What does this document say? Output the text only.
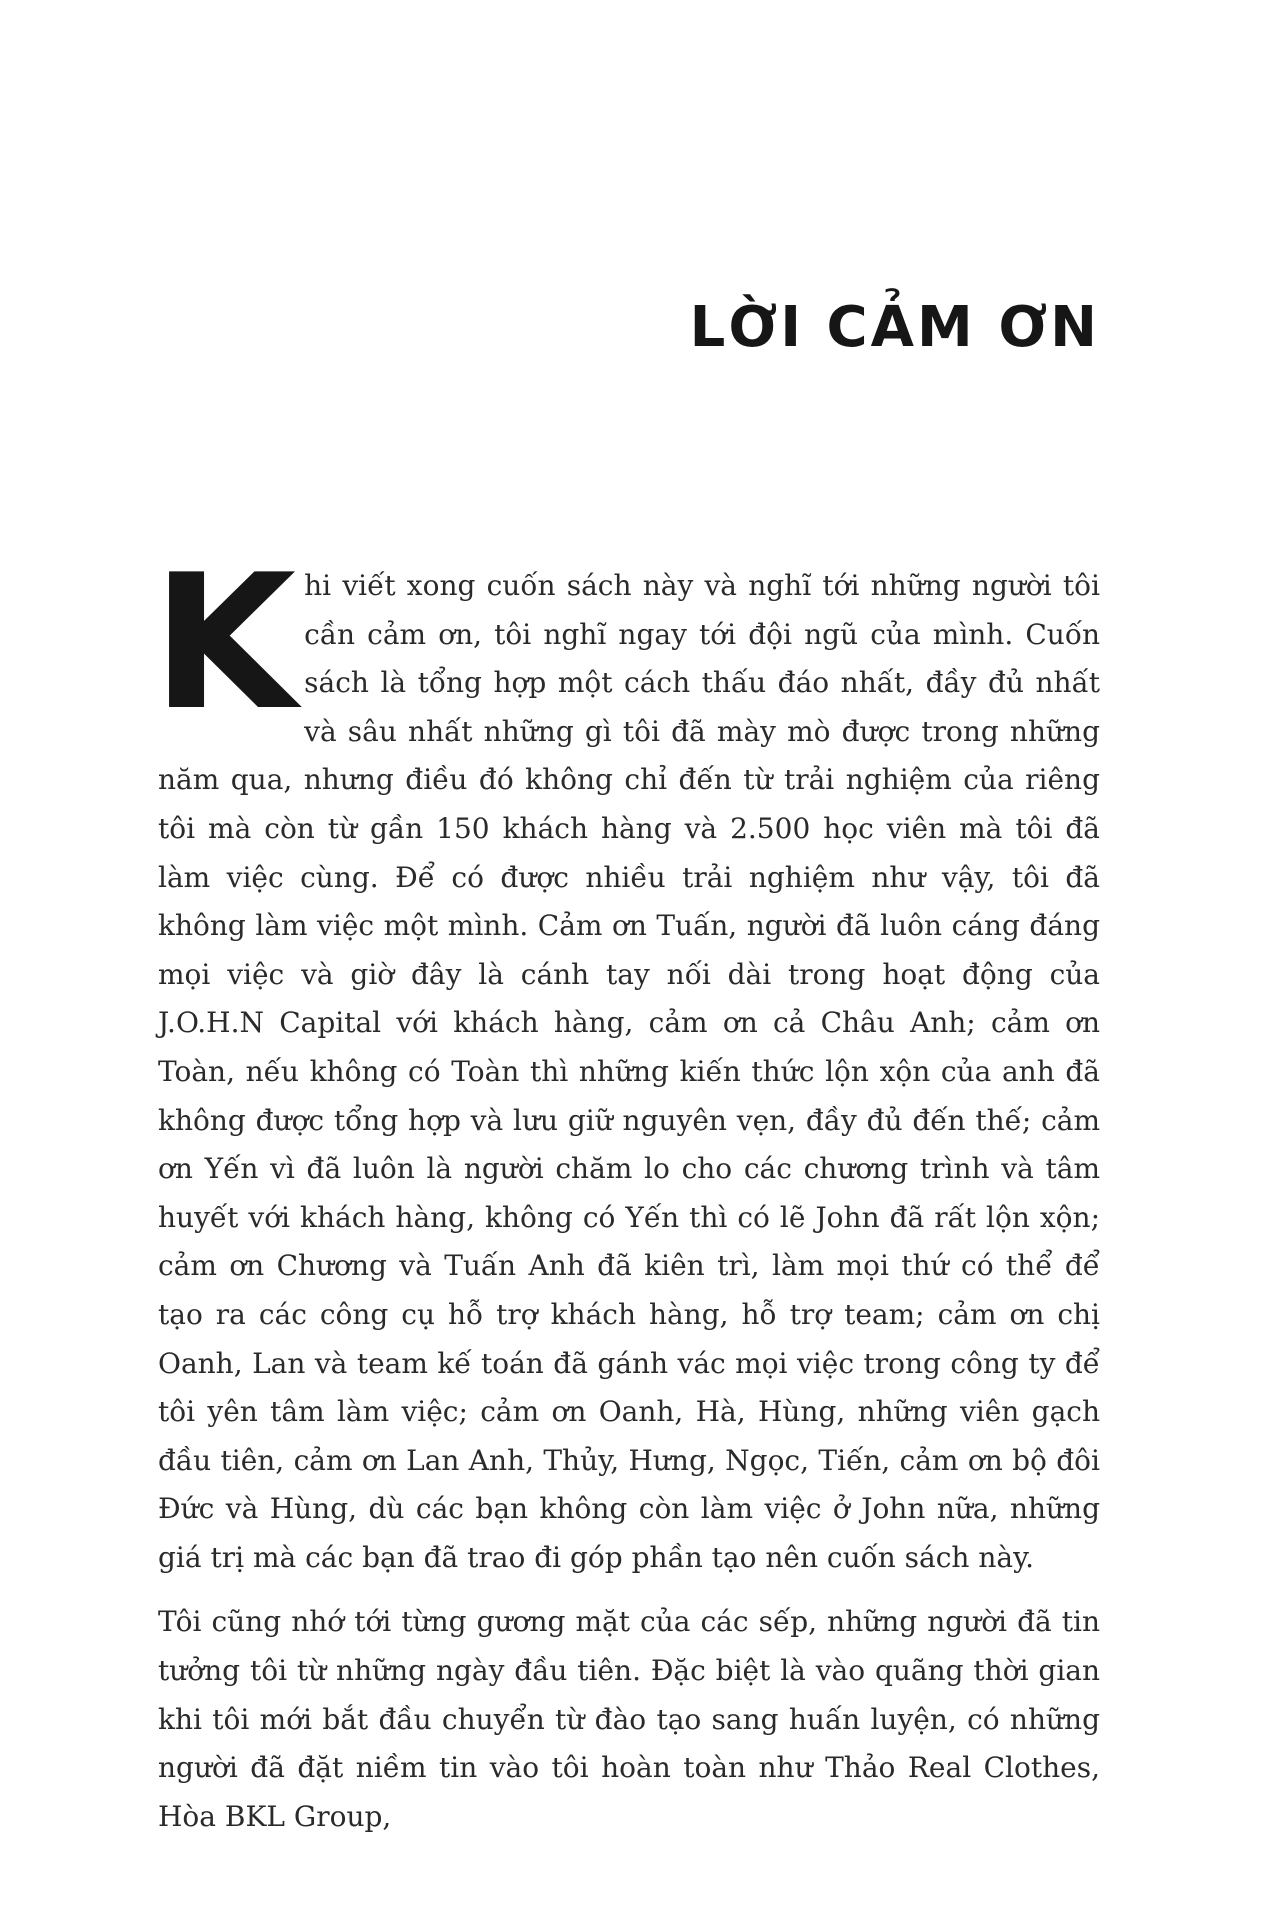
LỜI CẢM ƠN

Khi viết xong cuốn sách này và nghĩ tới những người tôi cần cảm ơn, tôi nghĩ ngay tới đội ngũ của mình. Cuốn sách là tổng hợp một cách thấu đáo nhất, đầy đủ nhất và sâu nhất những gì tôi đã mày mò được trong những năm qua, nhưng điều đó không chỉ đến từ trải nghiệm của riêng tôi mà còn từ gần 150 khách hàng và 2.500 học viên mà tôi đã làm việc cùng. Để có được nhiều trải nghiệm như vậy, tôi đã không làm việc một mình. Cảm ơn Tuấn, người đã luôn cáng đáng mọi việc và giờ đây là cánh tay nối dài trong hoạt động của J.O.H.N Capital với khách hàng, cảm ơn cả Châu Anh; cảm ơn Toàn, nếu không có Toàn thì những kiến thức lộn xộn của anh đã không được tổng hợp và lưu giữ nguyên vẹn, đầy đủ đến thế; cảm ơn Yến vì đã luôn là người chăm lo cho các chương trình và tâm huyết với khách hàng, không có Yến thì có lẽ John đã rất lộn xộn; cảm ơn Chương và Tuấn Anh đã kiên trì, làm mọi thứ có thể để tạo ra các công cụ hỗ trợ khách hàng, hỗ trợ team; cảm ơn chị Oanh, Lan và team kế toán đã gánh vác mọi việc trong công ty để tôi yên tâm làm việc; cảm ơn Oanh, Hà, Hùng, những viên gạch đầu tiên, cảm ơn Lan Anh, Thủy, Hưng, Ngọc, Tiến, cảm ơn bộ đôi Đức và Hùng, dù các bạn không còn làm việc ở John nữa, những giá trị mà các bạn đã trao đi góp phần tạo nên cuốn sách này.

Tôi cũng nhớ tới từng gương mặt của các sếp, những người đã tin tưởng tôi từ những ngày đầu tiên. Đặc biệt là vào quãng thời gian khi tôi mới bắt đầu chuyển từ đào tạo sang huấn luyện, có những người đã đặt niềm tin vào tôi hoàn toàn như Thảo Real Clothes, Hòa BKL Group,
